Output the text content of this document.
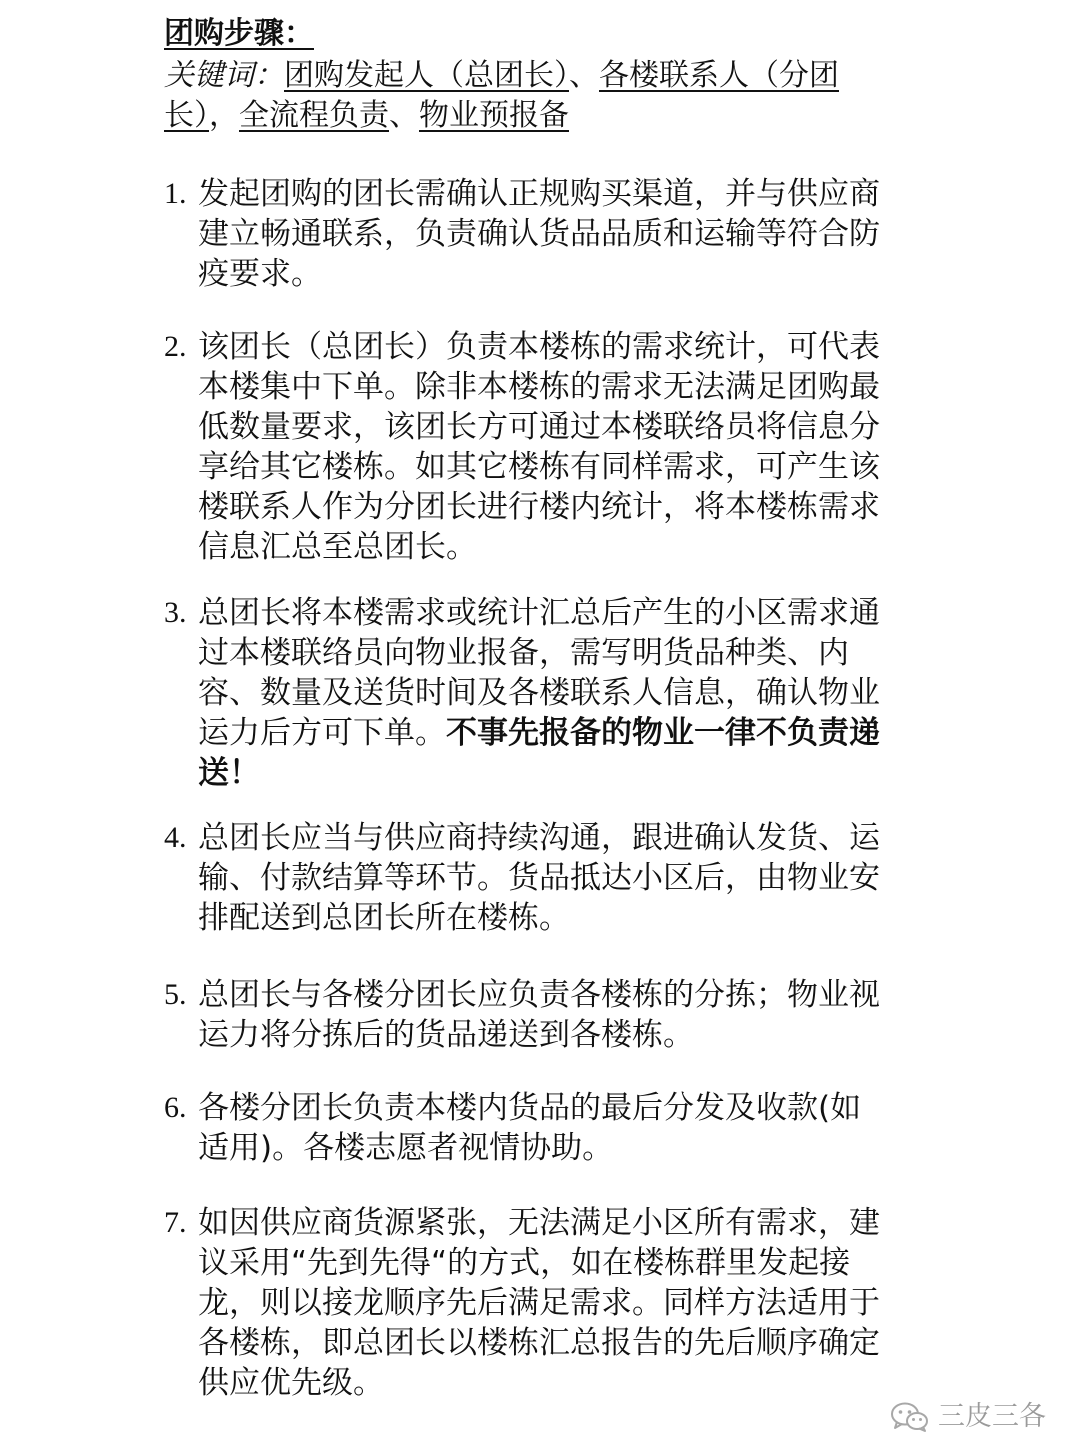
团购步骤：
关键词：团购发起人（总团长）、各楼联系人（分团
长），全流程负责、物业预报备
1. 发起团购的团长需确认正规购买渠道，并与供应商
建立畅通联系，负责确认货品品质和运输等符合防
疫要求。
2. 该团长（总团长）负责本楼栋的需求统计，可代表
本楼集中下单。除非本楼栋的需求无法满足团购最
低数量要求，该团长方可通过本楼联络员将信息分
享给其它楼栋。如其它楼栋有同样需求，可产生该
楼联系人作为分团长进行楼内统计，将本楼栋需求
信息汇总至总团长。
3. 总团长将本楼需求或统计汇总后产生的小区需求通
过本楼联络员向物业报备，需写明货品种类、内
容、数量及送货时间及各楼联系人信息，确认物业
运力后方可下单。不事先报备的物业一律不负责递
送！
4. 总团长应当与供应商持续沟通，跟进确认发货、运
输、付款结算等环节。货品抵达小区后，由物业安
排配送到总团长所在楼栋。
5. 总团长与各楼分团长应负责各楼栋的分拣；物业视
运力将分拣后的货品递送到各楼栋。
6. 各楼分团长负责本楼内货品的最后分发及收款(如
适用)。各楼志愿者视情协助。
7. 如因供应商货源紧张，无法满足小区所有需求，建
议采用“先到先得“的方式，如在楼栋群里发起接
龙，则以接龙顺序先后满足需求。同样方法适用于
各楼栋，即总团长以楼栋汇总报告的先后顺序确定
供应优先级。
三皮三各
